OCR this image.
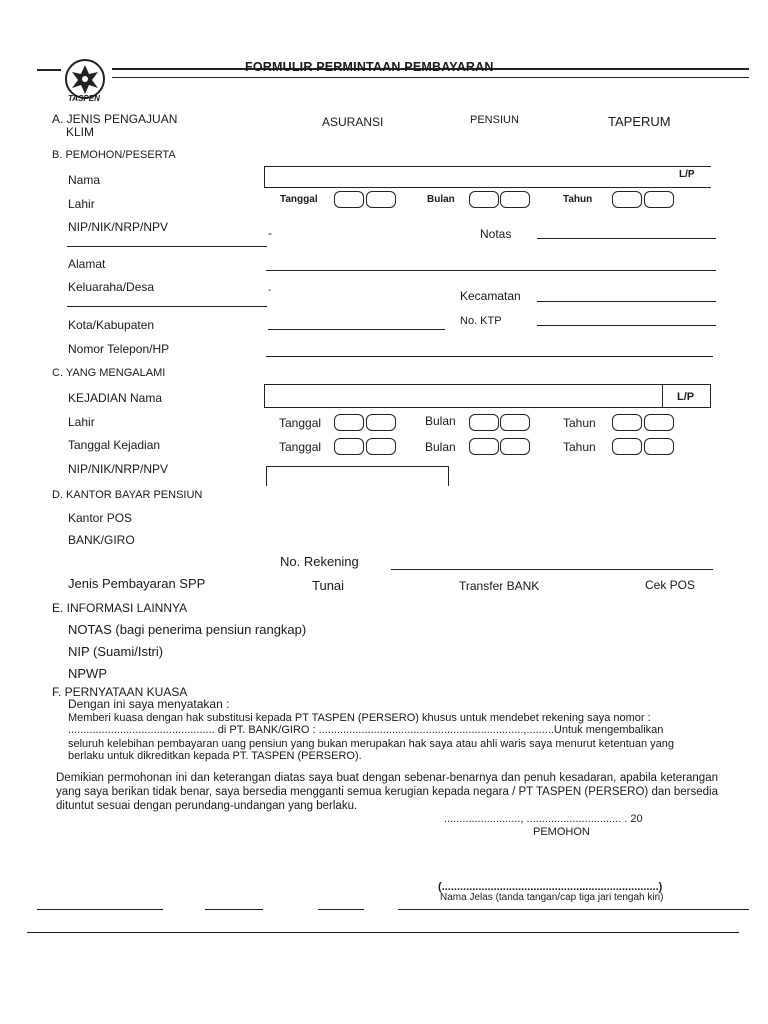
TASPEN
FORMULIR PERMINTAAN PEMBAYARAN
A. JENIS PENGAJUAN
KLIM
ASURANSI	PENSIUN	TAPERUM
B. PEMOHON/PESERTA
Nama	L/P
Lahir	Tanggal	Bulan	Tahun
NIP/NIK/NRP/NPV	-	Notas
Alamat
Keluaraha/Desa	-	Kecamatan
Kota/Kabupaten	No. KTP
Nomor Telepon/HP
C. YANG MENGALAMI
KEJADIAN Nama	L/P
Lahir	Tanggal	Bulan	Tahun
Tanggal Kejadian	Tanggal	Bulan	Tahun
NIP/NIK/NRP/NPV
D. KANTOR BAYAR PENSIUN
Kantor POS
BANK/GIRO
No. Rekening
Jenis Pembayaran SPP	Tunai	Transfer BANK	Cek POS
E. INFORMASI LAINNYA
NOTAS (bagi penerima pensiun rangkap)
NIP (Suami/Istri)
NPWP
F. PERNYATAAN KUASA
Dengan ini saya menyatakan :
Memberi kuasa dengan hak substitusi kepada PT TASPEN (PERSERO) khusus untuk mendebet rekening saya nomor :
................................................ di PT. BANK/GIRO : ...................................................................,.........Untuk mengembalikan
seluruh kelebihan pembayaran uang pensiun yang bukan merupakan hak saya atau ahli waris saya menurut ketentuan yang
berlaku untuk dikreditkan kepada PT. TASPEN (PERSERO).
Demikian permohonan ini dan keterangan diatas saya buat dengan sebenar-benarnya dan penuh kesadaran, apabila keterangan yang saya berikan tidak benar, saya bersedia mengganti semua kerugian kepada negara / PT TASPEN (PERSERO) dan bersedia dituntut sesuai dengan perundang-undangan yang berlaku.
........................., ............................... . 20
PEMOHON
(.......................................................................)
Nama Jelas (tanda tangan/cap tiga jari tengah kiri)
